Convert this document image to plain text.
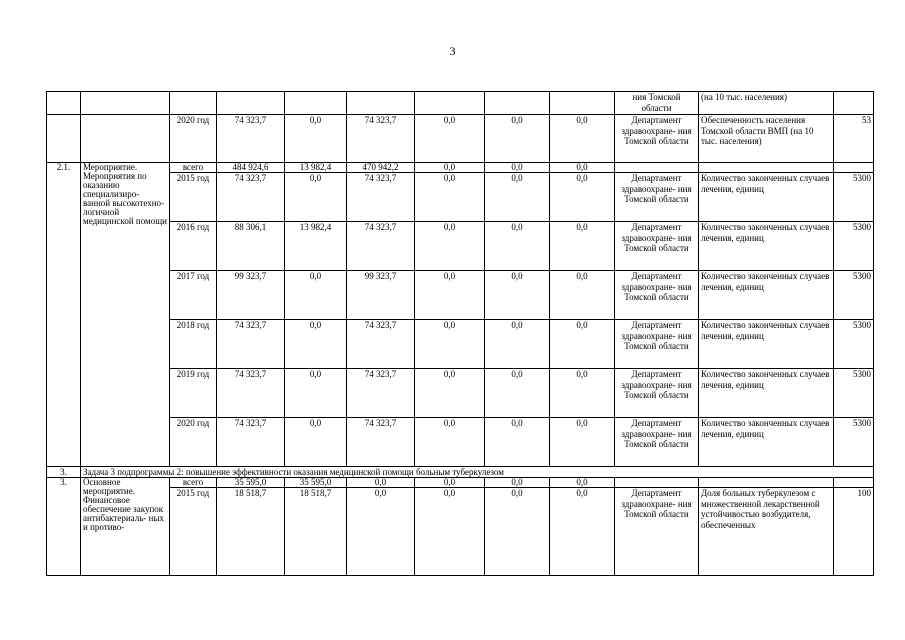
3
									ния Томской области	(на 10 тыс. населения)	
		2020 год	74 323,7	0,0	74 323,7	0,0	0,0	0,0	Департамент здравоохране- ния Томской области	Обеспеченность населения Томской области ВМП (на 10 тыс. населения)	53
2.1.	Мероприятие. Мероприятия по оказанию специализиро- ванной высокотехно- логичной медицинской помощи	всего	484 924,6	13 982,4	470 942,2	0,0	0,0	0,0			
		2015 год	74 323,7	0,0	74 323,7	0,0	0,0	0,0	Департамент здравоохране- ния Томской области	Количество законченных случаев лечения, единиц	5300
		2016 год	88 306,1	13 982,4	74 323,7	0,0	0,0	0,0	Департамент здравоохране- ния Томской области	Количество законченных случаев лечения, единиц	5300
		2017 год	99 323,7	0,0	99 323,7	0,0	0,0	0,0	Департамент здравоохране- ния Томской области	Количество законченных случаев лечения, единиц	5300
		2018 год	74 323,7	0,0	74 323,7	0,0	0,0	0,0	Департамент здравоохране- ния Томской области	Количество законченных случаев лечения, единиц	5300
		2019 год	74 323,7	0,0	74 323,7	0,0	0,0	0,0	Департамент здравоохране- ния Томской области	Количество законченных случаев лечения, единиц	5300
		2020 год	74 323,7	0,0	74 323,7	0,0	0,0	0,0	Департамент здравоохране- ния Томской области	Количество законченных случаев лечения, единиц	5300
3.	Задача 3 подпрограммы 2: повышение эффективности оказания медицинской помощи больным туберкулезом										
3.	Основное мероприятие. Финансовое обеспечение закупок антибактериаль- ных и противо-	всего	35 595,0	35 595,0	0,0	0,0	0,0	0,0			
		2015 год	18 518,7	18 518,7	0,0	0,0	0,0	0,0	Департамент здравоохране- ния Томской области	Доля больных туберкулезом с множественной лекарственной устойчивостью возбудителя, обеспеченных	100
